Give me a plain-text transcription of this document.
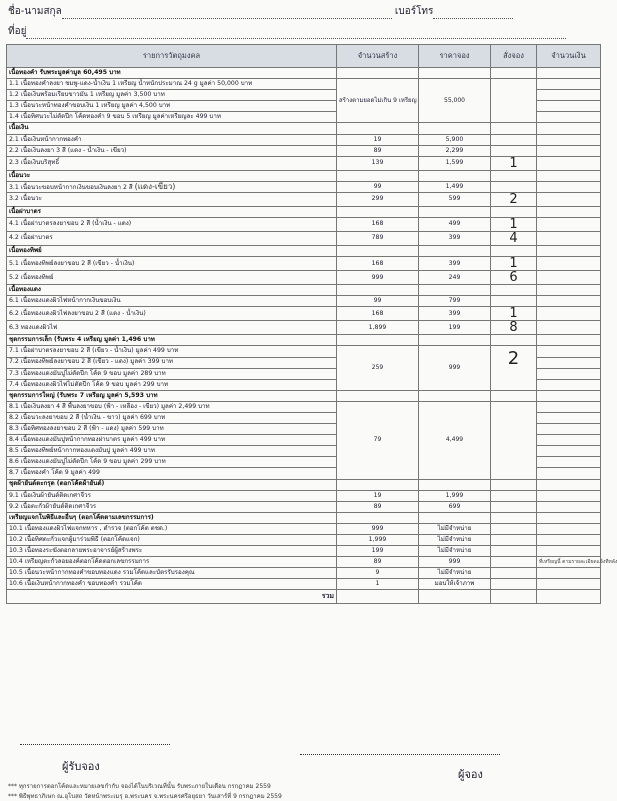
ชื่อ-นามสกุล	เบอร์โทร
ที่อยู่
รายการวัตถุมงคล	จำนวนสร้าง	ราคาจอง	สั่งจอง	จำนวนเงิน
เนื้อทองคำ รับพระมูลค่ามูล 60,495 บาท				
1.1 เนื้อทองคำลงยา ชมพู-แดง-น้ำเงิน 1 เหรียญ น้ำหนักประมาณ 24 g มูลค่า 50,000 บาท	สร้างตามยอดไม่เกิน 9 เหรียญ	55,000		
1.2 เนื้อเงินพร้อมเรียบขาวมัน 1 เหรียญ มูลค่า 3,500 บาท				
1.3 เนื้อนวะหน้าทองคำขอบเงิน 1 เหรียญ มูลค่า 4,500 บาท				
1.4 เนื้อทิศนวะไม่ตัดปีก โค้ดทองคำ 9 ขอบ 5 เหรียญ มูลค่าเหรียญละ 499 บาท				
เนื้อเงิน				
2.1 เนื้อเงินหน้ากากทองคำ	19	5,900		
2.2 เนื้อเงินลงยา 3 สี (แดง - น้ำเงิน - เขียว)	89	2,299		
2.3 เนื้อเงินบริสุทธิ์	139	1,599	1	
เนื้อนวะ				
3.1 เนื้อนวะขอบหน้ากากเงินขอบเงินลงยา 2 สี (แดง-เขียว)	99	1,499		
3.2 เนื้อนวะ	299	599	2	
เนื้อฝาบาตร				
4.1 เนื้อฝาบาตรลงยาขอบ 2 สี (น้ำเงิน - แดง)	168	499	1	
4.2 เนื้อฝาบาตร	789	399	4	
เนื้อทองทิพย์				
5.1 เนื้อทองทิพย์ลงยาขอบ 2 สี (เขียว - น้ำเงิน)	168	399	1	
5.2 เนื้อทองทิพย์	999	249	6	
เนื้อทองแดง				
6.1 เนื้อทองแดงผิวไฟหน้ากากเงินขอบเงิน	99	799		
6.2 เนื้อทองแดงผิวไฟลงยาขอบ 2 สี (แดง - น้ำเงิน)	168	399	1	
6.3 ทองแดงผิวไฟ	1,899	199	8	
ชุดกรรมการเล็ก (รับพระ 4 เหรียญ มูลค่า 1,496 บาท				
7.1 เนื้อฝาบาตรลงยาขอบ 2 สี (เขียว - น้ำเงิน) มูลค่า 499 บาท	259	999	2	
7.2 เนื้อทองทิพย์ลงยาขอบ 2 สี (เขียว - แดง) มูลค่า 399 บาท				
7.3 เนื้อทองแดงมันปูไม่ตัดปีก โค้ด 9 ขอบ มูลค่า 289 บาท				
7.4 เนื้อทองแดงผิวไฟไม่ตัดปีก โค้ด 9 ขอบ มูลค่า 299 บาท				
ชุดกรรมการใหญ่ (รับพระ 7 เหรียญ มูลค่า 5,593 บาท				
8.1 เนื้อเงินลงยา 4 สี พื้นลงยาขอบ (ฟ้า - เหลือง - เขียว) มูลค่า 2,499 บาท	79	4,499		
8.2 เนื้อนวะลงยาขอบ 2 สี (น้ำเงิน - ขาว) มูลค่า 699 บาท				
8.3 เนื้อทิศทองลงยาขอบ 2 สี (ฟ้า - แดง) มูลค่า 599 บาท				
8.4 เนื้อทองแดงมันปูหน้ากากทองฝาบาตร มูลค่า 499 บาท				
8.5 เนื้อทองทิพย์หน้ากากทองแดงมันปู มูลค่า 499 บาท				
8.6 เนื้อทองแดงมันปูไม่ตัดปีก โค้ด 9 ขอบ มูลค่า 299 บาท				
8.7 เนื้อทองคำ โค้ด 9 มูลค่า 499				
ชุดผ้ายันต์ตะกรุด (ตอกโค้ดผ้ายันต์)				
9.1 เนื้อเงินผ้ายันต์ติดเกศาจีวร	19	1,999		
9.2 เนื้อตะกั่วผ้ายันต์ติดเกศาจีวร	89	699		
เหรียญแจกในพิธีและอื่นๆ (ตอกโค้ดตามเลขกรรมการ)				
10.1 เนื้อทองแดงผิวไฟแจกทหาร , ตำรวจ (ตอกโค้ด ตชด.)	999	ไม่มีจำหน่าย		
10.2 เนื้อทิศตะกั่วแจกผู้มาร่วมพิธี (ตอกโค้ดแจก)	1,999	ไม่มีจำหน่าย		
10.3 เนื้อทองระฆังตอกลายพระอาจารย์ผู้สร้างพระ	199	ไม่มีจำหน่าย		
10.4 เหรียญตะกั่วลอยองค์ตอกโค้ดตอกเลขกรรมการ	89	999		ที่เหรียญนี้ ตามรายละเอียดแจ้งทีหลัง
10.5 เนื้อนวะหน้ากากทองคำขอบทองแดง รวมโค้ดและบัตรรับรองคุณ	9	ไม่มีจำหน่าย		
10.6 เนื้อเงินหน้ากากทองคำ ขอบทองคำ รวมโค้ด	1	มอบให้เจ้าภาพ		
รวม				
ผู้รับจอง
ผู้จอง
*** ทุกรายการตอกโค้ดและหมายเลขกำกับ จองได้ในบริเวณที่นั้น รับพระภายในเดือน กรกฎาคม 2559
*** พิธีพุทธาภิเษก ณ.อุโบสถ วัดหน้าพระเมรุ อ.พระนคร จ.พระนครศรีอยุธยา วันเสาร์ที่ 9 กรกฎาคม 2559
